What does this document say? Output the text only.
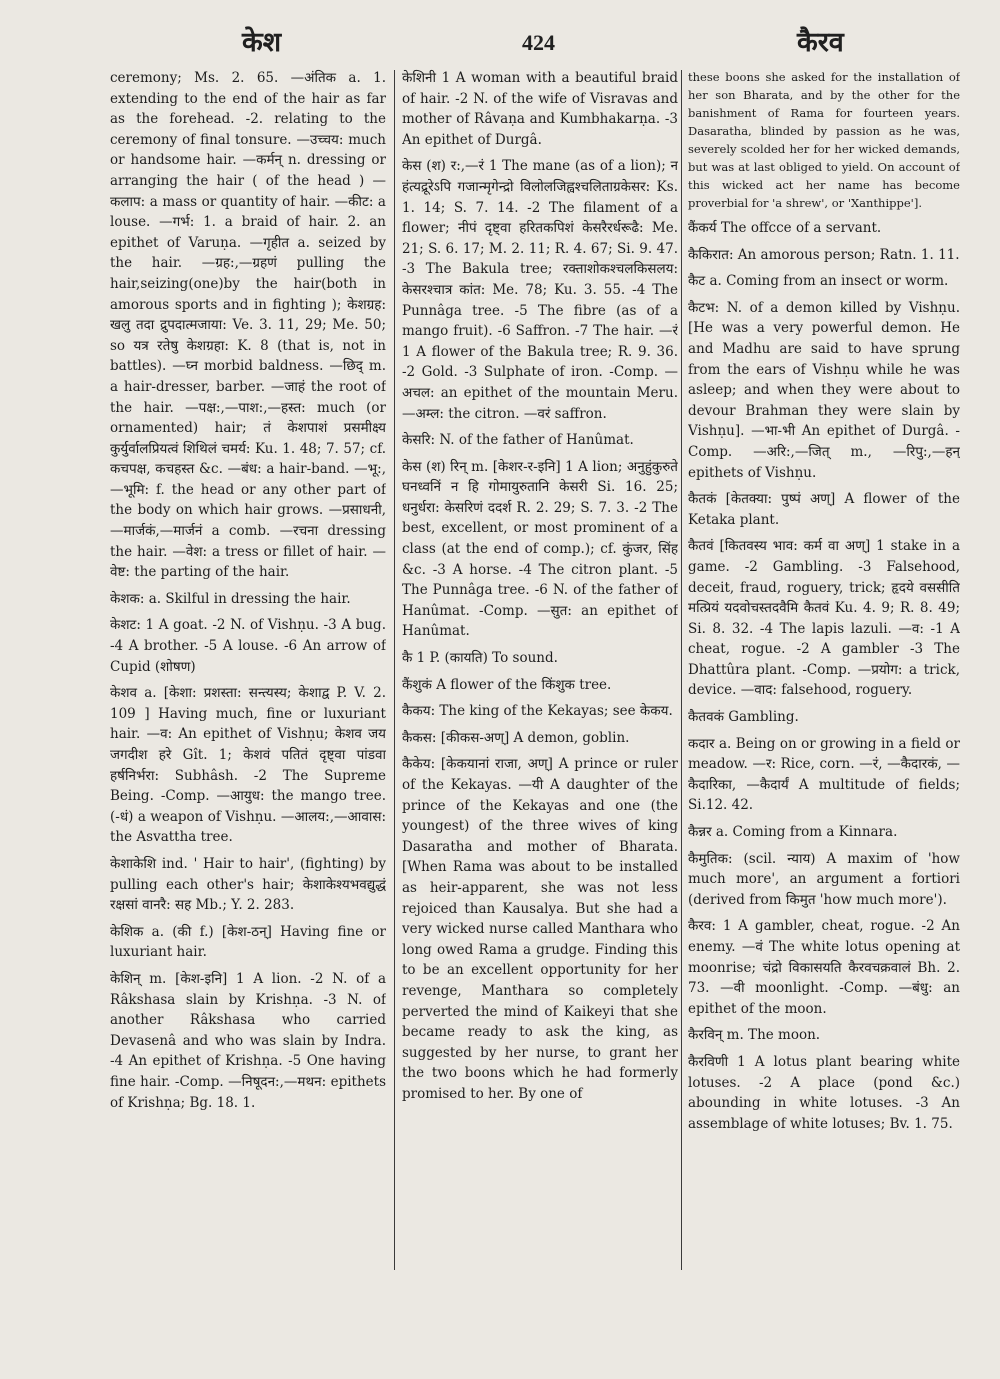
केश	424	कैरव

ceremony; Ms. 2. 65. —अंतिक a. 1. extending to the end of the hair as far as the forehead. -2. relating to the ceremony of final tonsure. —उच्चय: much or handsome hair. —कर्मन् n. dressing or arranging the hair ( of the head ) —कलाप: a mass or quantity of hair. —कीट: a louse. —गर्भ: 1. a braid of hair. 2. an epithet of Varuṇa. —गृहीत a. seized by the hair. —ग्रह:,—ग्रहणं pulling the hair,seizing(one)by the hair(both in amorous sports and in fighting ); केशग्रह: खलु तदा द्रुपदात्मजाया: Ve. 3. 11, 29; Me. 50; so यत्र रतेषु केशग्रहा: K. 8 (that is, not in battles). —घ्न morbid baldness. —छिद् m. a hair-dresser, barber. —जाहं the root of the hair. —पक्ष:,—पाश:,—हस्त: much (or ornamented) hair; तं केशपाशं प्रसमीक्ष्य कुर्युर्वालप्रियत्वं शिथिलं चमर्य: Ku. 1. 48; 7. 57; cf. कचपक्ष, कचहस्त &c. —बंध: a hair-band. —भू:,—भूमि: f. the head or any other part of the body on which hair grows. —प्रसाधनी,—मार्जकं,—मार्जनं a comb. —रचना dressing the hair. —वेश: a tress or fillet of hair. —वेष्ट: the parting of the hair.

केशक: a. Skilful in dressing the hair.

केशट: 1 A goat. -2 N. of Vishṇu. -3 A bug. -4 A brother. -5 A louse. -6 An arrow of Cupid (शोषण)

केशव a. [केशा: प्रशस्ता: सन्त्यस्य; केशाद्व P. V. 2. 109 ] Having much, fine or luxuriant hair. —व: An epithet of Vishṇu; केशव जय जगदीश हरे Gît. 1; केशवं पतितं दृष्ट्वा पांडवा हर्षनिर्भरा: Subhâsh. -2 The Supreme Being. -Comp. —आयुध: the mango tree. (-धं) a weapon of Vishṇu. —आलय:,—आवास: the Asvattha tree.

केशाकेशि ind. ' Hair to hair', (fighting) by pulling each other's hair; केशाकेश्यभवद्युद्धं रक्षसां वानरै: सह Mb.; Y. 2. 283.

केशिक a. (की f.) [केश-ठन्] Having fine or luxuriant hair.

केशिन् m. [केश-इनि] 1 A lion. -2 N. of a Râkshasa slain by Krishṇa. -3 N. of another Râkshasa who carried Devasenâ and who was slain by Indra. -4 An epithet of Krishṇa. -5 One having fine hair. -Comp. —निषूदन:,—मथन: epithets of Krishṇa; Bg. 18. 1.

केशिनी 1 A woman with a beautiful braid of hair. -2 N. of the wife of Visravas and mother of Râvaṇa and Kumbhakarṇa. -3 An epithet of Durgâ.

केस (श) र:,—रं 1 The mane (as of a lion); न हंत्यद्रूरेऽपि गजान्मृगेन्द्रो विलोलजिह्वश्चलिताग्रकेसर: Ks. 1. 14; S. 7. 14. -2 The filament of a flower; नीपं दृष्ट्वा हरितकपिशं केसरैरर्धरूढै: Me. 21; S. 6. 17; M. 2. 11; R. 4. 67; Si. 9. 47. -3 The Bakula tree; रक्ताशोकश्चलकिसलय: केसरश्चात्र कांत: Me. 78; Ku. 3. 55. -4 The Punnâga tree. -5 The fibre (as of a mango fruit). -6 Saffron. -7 The hair. —रं 1 A flower of the Bakula tree; R. 9. 36. -2 Gold. -3 Sulphate of iron. -Comp. —अचल: an epithet of the mountain Meru. —अम्ल: the citron. —वरं saffron.

केसरि: N. of the father of Hanûmat.

केस (श) रिन् m. [केशर-र-इनि] 1 A lion; अनुहुंकुरुते घनध्वनिं न हि गोमायुरुतानि केसरी Si. 16. 25; धनुर्धरा: केसरिणं ददर्श R. 2. 29; S. 7. 3. -2 The best, excellent, or most prominent of a class (at the end of comp.); cf. कुंजर, सिंह &c. -3 A horse. -4 The citron plant. -5 The Punnâga tree. -6 N. of the father of Hanûmat. -Comp. —सुत: an epithet of Hanûmat.

कै 1 P. (कायति) To sound.

कैंशुकं A flower of the किंशुक tree.

कैकय: The king of the Kekayas; see केकय.

कैकस: [कीकस-अण्] A demon, goblin.

कैकेय: [केकयानां राजा, अण्] A prince or ruler of the Kekayas. —यी A daughter of the prince of the Kekayas and one (the youngest) of the three wives of king Dasaratha and mother of Bharata. [When Rama was about to be installed as heir-apparent, she was not less rejoiced than Kausalya. But she had a very wicked nurse called Manthara who long owed Rama a grudge. Finding this to be an excellent opportunity for her revenge, Manthara so completely perverted the mind of Kaikeyi that she became ready to ask the king, as suggested by her nurse, to grant her the two boons which he had formerly promised to her. By one of

these boons she asked for the installation of her son Bharata, and by the other for the banishment of Rama for fourteen years. Dasaratha, blinded by passion as he was, severely scolded her for her wicked demands, but was at last obliged to yield. On account of this wicked act her name has become proverbial for 'a shrew', or 'Xanthippe'].

कैंकर्य The offcce of a servant.

कैकिरात: An amorous person; Ratn. 1. 11.

कैट a. Coming from an insect or worm.

कैटभ: N. of a demon killed by Vishṇu. [He was a very powerful demon. He and Madhu are said to have sprung from the ears of Vishṇu while he was asleep; and when they were about to devour Brahman they were slain by Vishṇu]. —भा-भी An epithet of Durgâ. -Comp. —अरि:,—जित् m., —रिपु:,—हन् epithets of Vishṇu.

कैतकं [केतक्या: पुष्पं अण्] A flower of the Ketaka plant.

कैतवं [कितवस्य भाव: कर्म वा अण्] 1 stake in a game. -2 Gambling. -3 Falsehood, deceit, fraud, roguery, trick; हृदये वससीति मत्प्रियं यदवोचस्तदवैमि कैतवं Ku. 4. 9; R. 8. 49; Si. 8. 32. -4 The lapis lazuli. —व: -1 A cheat, rogue. -2 A gambler -3 The Dhattûra plant. -Comp. —प्रयोग: a trick, device. —वाद: falsehood, roguery.

कैतवकं Gambling.

कदार a. Being on or growing in a field or meadow. —र: Rice, corn. —रं, —कैदारकं, —कैदारिका, —कैदार्यं A multitude of fields; Si.12. 42.

कैन्नर a. Coming from a Kinnara.

कैमुतिक: (scil. न्याय) A maxim of 'how much more', an argument a fortiori (derived from किमुत 'how much more').

कैरव: 1 A gambler, cheat, rogue. -2 An enemy. —वं The white lotus opening at moonrise; चंद्रो विकासयति कैरवचक्रवालं Bh. 2. 73. —वी moonlight. -Comp. —बंधु: an epithet of the moon.

कैरविन् m. The moon.

कैरविणी 1 A lotus plant bearing white lotuses. -2 A place (pond &c.) abounding in white lotuses. -3 An assemblage of white lotuses; Bv. 1. 75.
